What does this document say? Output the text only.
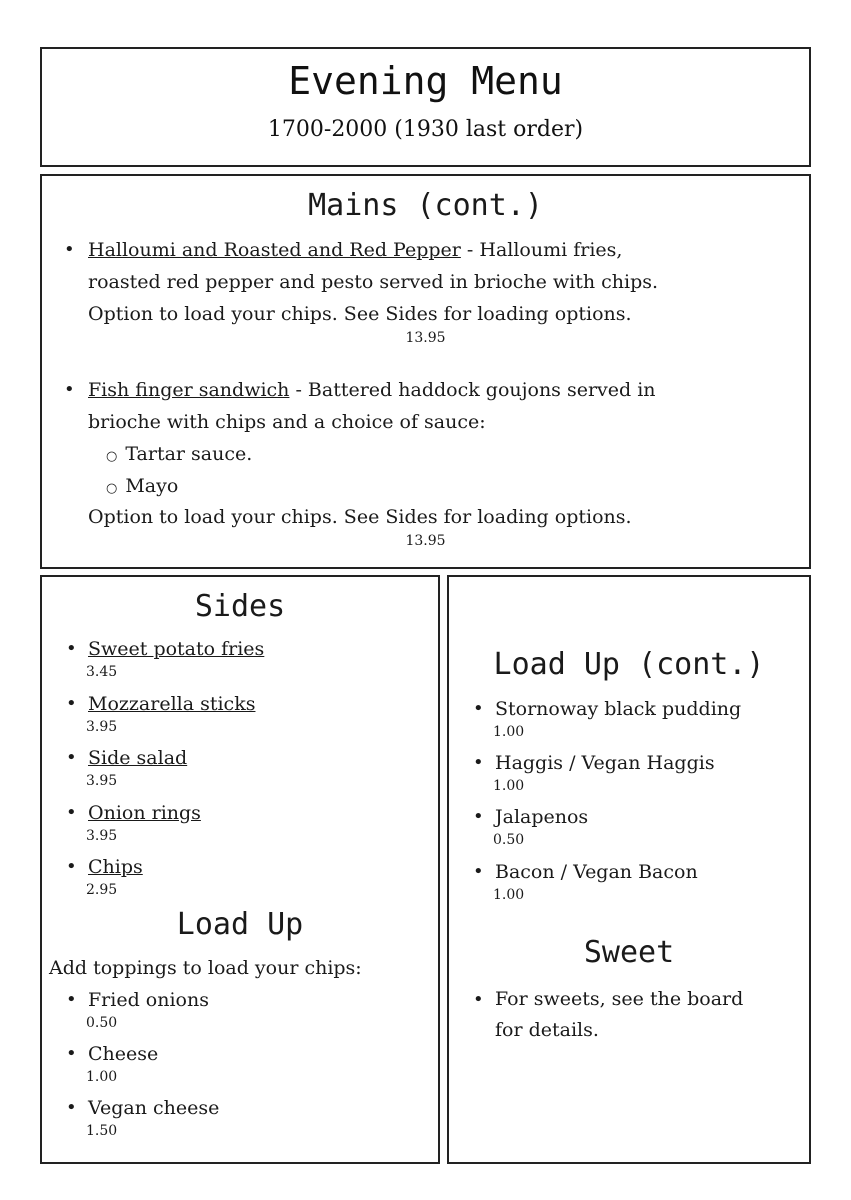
Evening Menu
1700-2000 (1930 last order)
Mains (cont.)
• Halloumi and Roasted and Red Pepper - Halloumi fries,
roasted red pepper and pesto served in brioche with chips.
Option to load your chips. See Sides for loading options.
13.95
• Fish finger sandwich - Battered haddock goujons served in
brioche with chips and a choice of sauce:
○ Tartar sauce.
○ Mayo
Option to load your chips. See Sides for loading options.
13.95
Sides
• Sweet potato fries
3.45
• Mozzarella sticks
3.95
• Side salad
3.95
• Onion rings
3.95
• Chips
2.95
Load Up
Add toppings to load your chips:
• Fried onions
0.50
• Cheese
1.00
• Vegan cheese
1.50
Load Up (cont.)
• Stornoway black pudding
1.00
• Haggis / Vegan Haggis
1.00
• Jalapenos
0.50
• Bacon / Vegan Bacon
1.00
Sweet
• For sweets, see the board
for details.
